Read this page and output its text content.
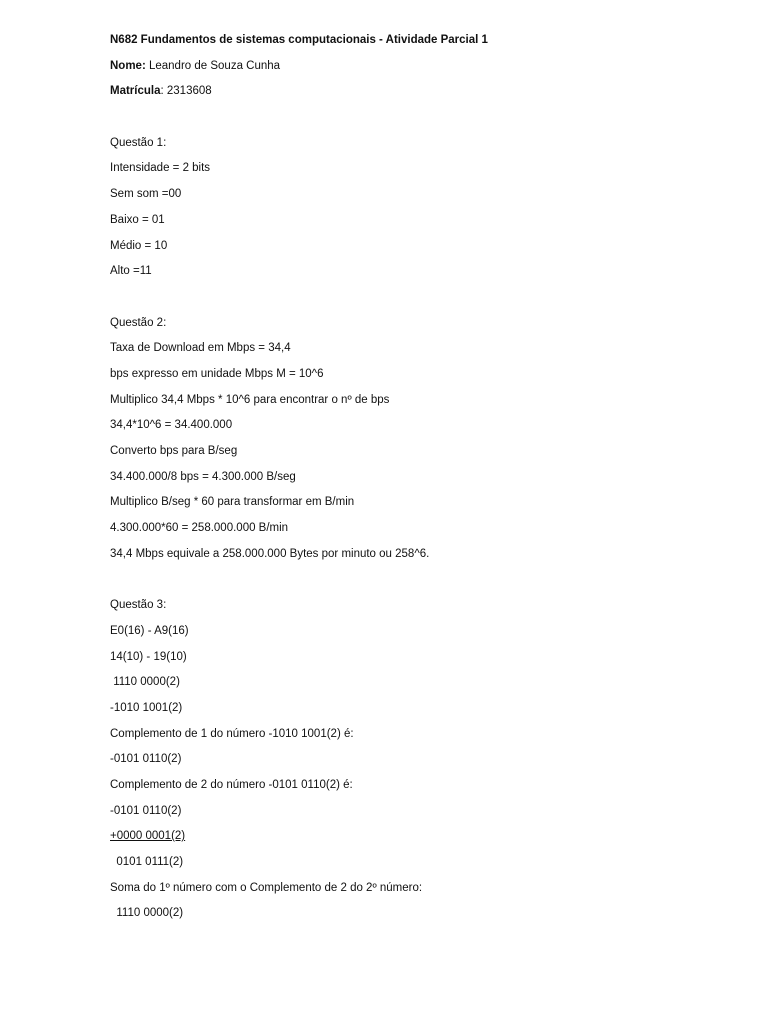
N682 Fundamentos de sistemas computacionais - Atividade Parcial 1
Nome: Leandro de Souza Cunha
Matrícula: 2313608
Questão 1:
Intensidade = 2 bits
Sem som =00
Baixo = 01
Médio = 10
Alto =11
Questão 2:
Taxa de Download em Mbps = 34,4
bps expresso em unidade Mbps M = 10^6
Multiplico 34,4 Mbps * 10^6 para encontrar o nº de bps
34,4*10^6 = 34.400.000
Converto bps para B/seg
34.400.000/8 bps = 4.300.000 B/seg
Multiplico B/seg * 60 para transformar em B/min
4.300.000*60 = 258.000.000 B/min
34,4 Mbps equivale a 258.000.000 Bytes por minuto ou 258^6.
Questão 3:
E0(16) - A9(16)
14(10) - 19(10)
1110 0000(2)
-1010 1001(2)
Complemento de 1 do número -1010 1001(2) é:
-0101 0110(2)
Complemento de 2 do número -0101 0110(2) é:
-0101 0110(2)
+0000 0001(2)
0101 0111(2)
Soma do 1º número com o Complemento de 2 do 2º número:
1110 0000(2)
